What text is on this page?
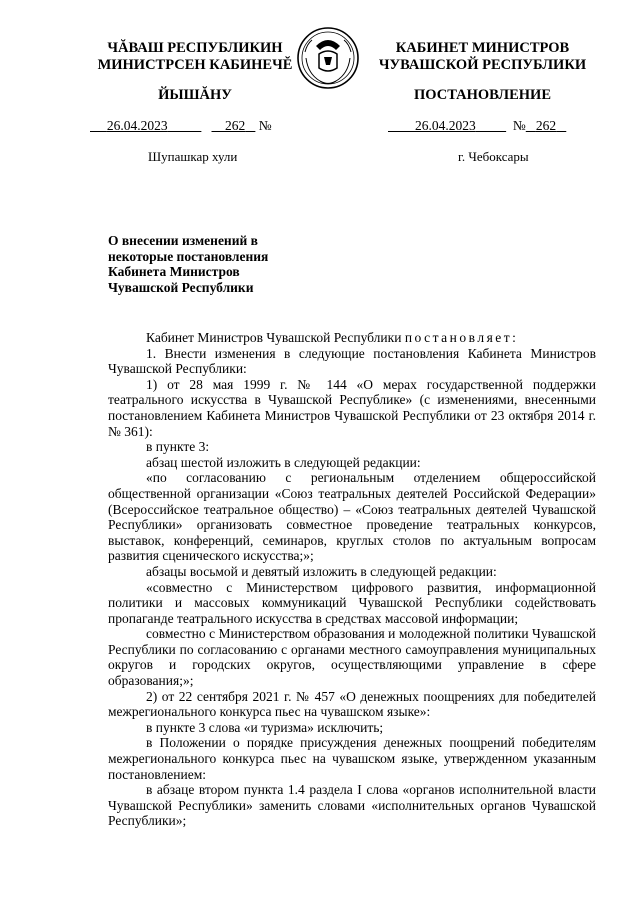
ЧĂВАШ РЕСПУБЛИКИН
МИНИСТРСЕН КАБИНЕЧĔ
КАБИНЕТ МИНИСТРОВ
ЧУВАШСКОЙ РЕСПУБЛИКИ
ЙЫШĂНУ	ПОСТАНОВЛЕНИЕ
26.04.2023	262 №	26.04.2023	№ 262
Шупашкар хули	г. Чебоксары
О внесении изменений в некоторые постановления Кабинета Министров Чувашской Республики

Кабинет Министров Чувашской Республики постановляет:

1. Внести изменения в следующие постановления Кабинета Министров Чувашской Республики:

1) от 28 мая 1999 г. № 144 «О мерах государственной поддержки театрального искусства в Чувашской Республике» (с изменениями, внесенными постановлением Кабинета Министров Чувашской Республики от 23 октября 2014 г. № 361):

в пункте 3:

абзац шестой изложить в следующей редакции:

«по согласованию с региональным отделением общероссийской общественной организации «Союз театральных деятелей Российской Федерации» (Всероссийское театральное общество) – «Союз театральных деятелей Чувашской Республики» организовать совместное проведение театральных конкурсов, выставок, конференций, семинаров, круглых столов по актуальным вопросам развития сценического искусства;»;

абзацы восьмой и девятый изложить в следующей редакции:

«совместно с Министерством цифрового развития, информационной политики и массовых коммуникаций Чувашской Республики содействовать пропаганде театрального искусства в средствах массовой информации;

совместно с Министерством образования и молодежной политики Чувашской Республики по согласованию с органами местного самоуправления муниципальных округов и городских округов, осуществляющими управление в сфере образования;»;

2) от 22 сентября 2021 г. № 457 «О денежных поощрениях для победителей межрегионального конкурса пьес на чувашском языке»:

в пункте 3 слова «и туризма» исключить;

в Положении о порядке присуждения денежных поощрений победителям межрегионального конкурса пьес на чувашском языке, утвержденном указанным постановлением:

в абзаце втором пункта 1.4 раздела I слова «органов исполнительной власти Чувашской Республики» заменить словами «исполнительных органов Чувашской Республики»;
